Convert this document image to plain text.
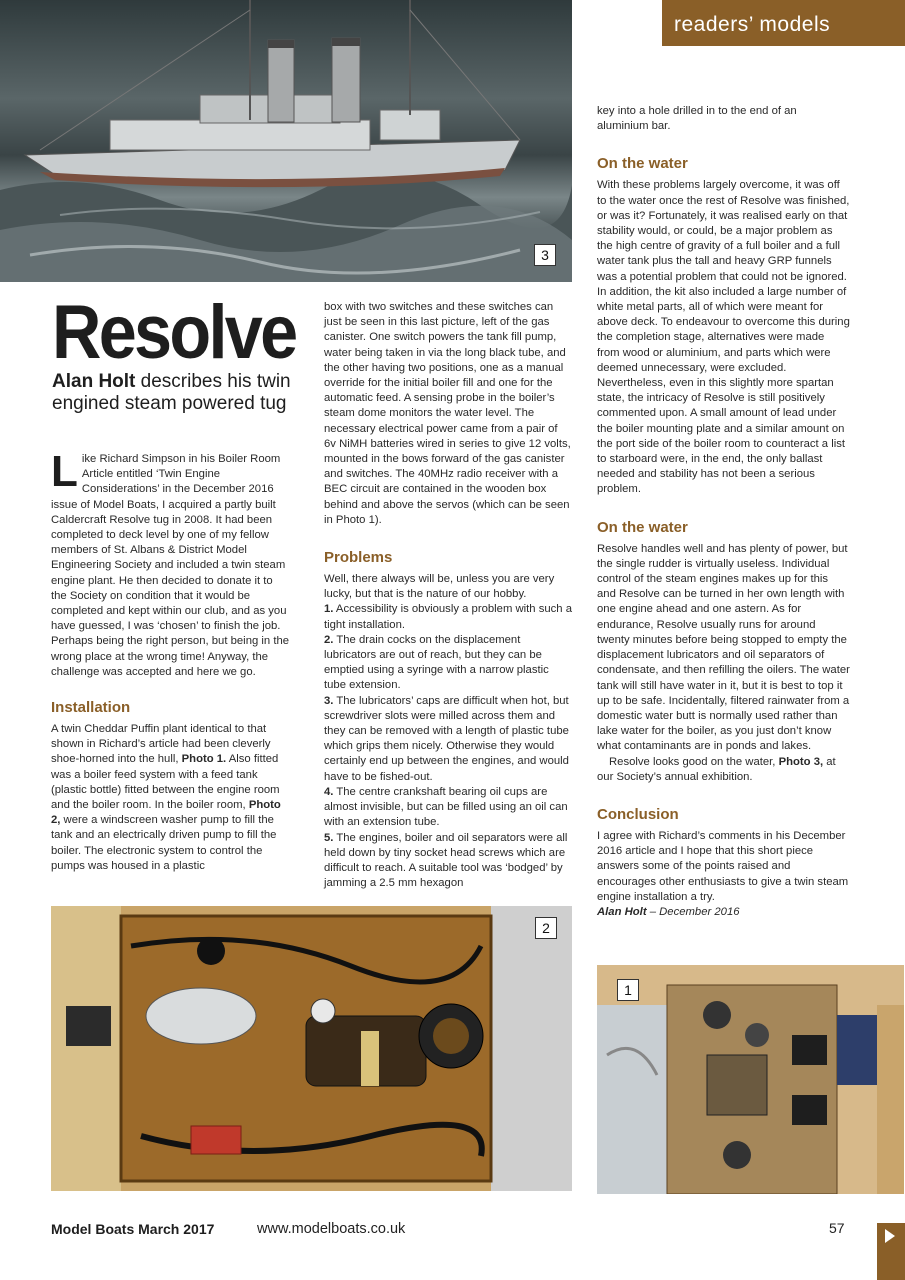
3
readers’ models
Resolve
Alan Holt describes his twin engined steam powered tug

Like Richard Simpson in his Boiler Room Article entitled ‘Twin Engine Considerations’ in the December 2016 issue of Model Boats, I acquired a partly built Caldercraft Resolve tug in 2008. It had been completed to deck level by one of my fellow members of St. Albans & District Model Engineering Society and included a twin steam engine plant. He then decided to donate it to the Society on condition that it would be completed and kept within our club, and as you have guessed, I was ‘chosen’ to finish the job. Perhaps being the right person, but being in the wrong place at the wrong time! Anyway, the challenge was accepted and here we go.

Installation

A twin Cheddar Puffin plant identical to that shown in Richard’s article had been cleverly shoe-horned into the hull, Photo 1. Also fitted was a boiler feed system with a feed tank (plastic bottle) fitted between the engine room and the boiler room. In the boiler room, Photo 2, were a windscreen washer pump to fill the tank and an electrically driven pump to fill the boiler. The electronic system to control the pumps was housed in a plastic

box with two switches and these switches can just be seen in this last picture, left of the gas canister. One switch powers the tank fill pump, water being taken in via the long black tube, and the other having two positions, one as a manual override for the initial boiler fill and one for the automatic feed. A sensing probe in the boiler’s steam dome monitors the water level. The necessary electrical power came from a pair of 6v NiMH batteries wired in series to give 12 volts, mounted in the bows forward of the gas canister and switches. The 40MHz radio receiver with a BEC circuit are contained in the wooden box behind and above the servos (which can be seen in Photo 1).

Problems

Well, there always will be, unless you are very lucky, but that is the nature of our hobby.

1. Accessibility is obviously a problem with such a tight installation.

2. The drain cocks on the displacement lubricators are out of reach, but they can be emptied using a syringe with a narrow plastic tube extension.

3. The lubricators’ caps are difficult when hot, but screwdriver slots were milled across them and they can be removed with a length of plastic tube which grips them nicely. Otherwise they would certainly end up between the engines, and would have to be fished-out.

4. The centre crankshaft bearing oil cups are almost invisible, but can be filled using an oil can with an extension tube.

5. The engines, boiler and oil separators were all held down by tiny socket head screws which are difficult to reach. A suitable tool was ‘bodged’ by jamming a 2.5 mm hexagon

key into a hole drilled in to the end of an aluminium bar.

On the water

With these problems largely overcome, it was off to the water once the rest of Resolve was finished, or was it? Fortunately, it was realised early on that stability would, or could, be a major problem as the high centre of gravity of a full boiler and a full water tank plus the tall and heavy GRP funnels was a potential problem that could not be ignored. In addition, the kit also included a large number of white metal parts, all of which were meant for above deck. To endeavour to overcome this during the completion stage, alternatives were made from wood or aluminium, and parts which were deemed unnecessary, were excluded. Nevertheless, even in this slightly more spartan state, the intricacy of Resolve is still positively commented upon. A small amount of lead under the boiler mounting plate and a similar amount on the port side of the boiler room to counteract a list to starboard were, in the end, the only ballast needed and stability has not been a serious problem.

On the water

Resolve handles well and has plenty of power, but the single rudder is virtually useless. Individual control of the steam engines makes up for this and Resolve can be turned in her own length with one engine ahead and one astern. As for endurance, Resolve usually runs for around twenty minutes before being stopped to empty the displacement lubricators and oil separators of condensate, and then refilling the oilers. The water tank will still have water in it, but it is best to top it up to be safe. Incidentally, filtered rainwater from a domestic water butt is normally used rather than lake water for the boiler, as you just don’t know what contaminants are in ponds and lakes.

Resolve looks good on the water, Photo 3, at our Society’s annual exhibition.

Conclusion

I agree with Richard’s comments in his December 2016 article and I hope that this short piece answers some of the points raised and encourages other enthusiasts to give a twin steam engine installation a try.

Alan Holt – December 2016

2
1
Model Boats March 2017	www.modelboats.co.uk	57
